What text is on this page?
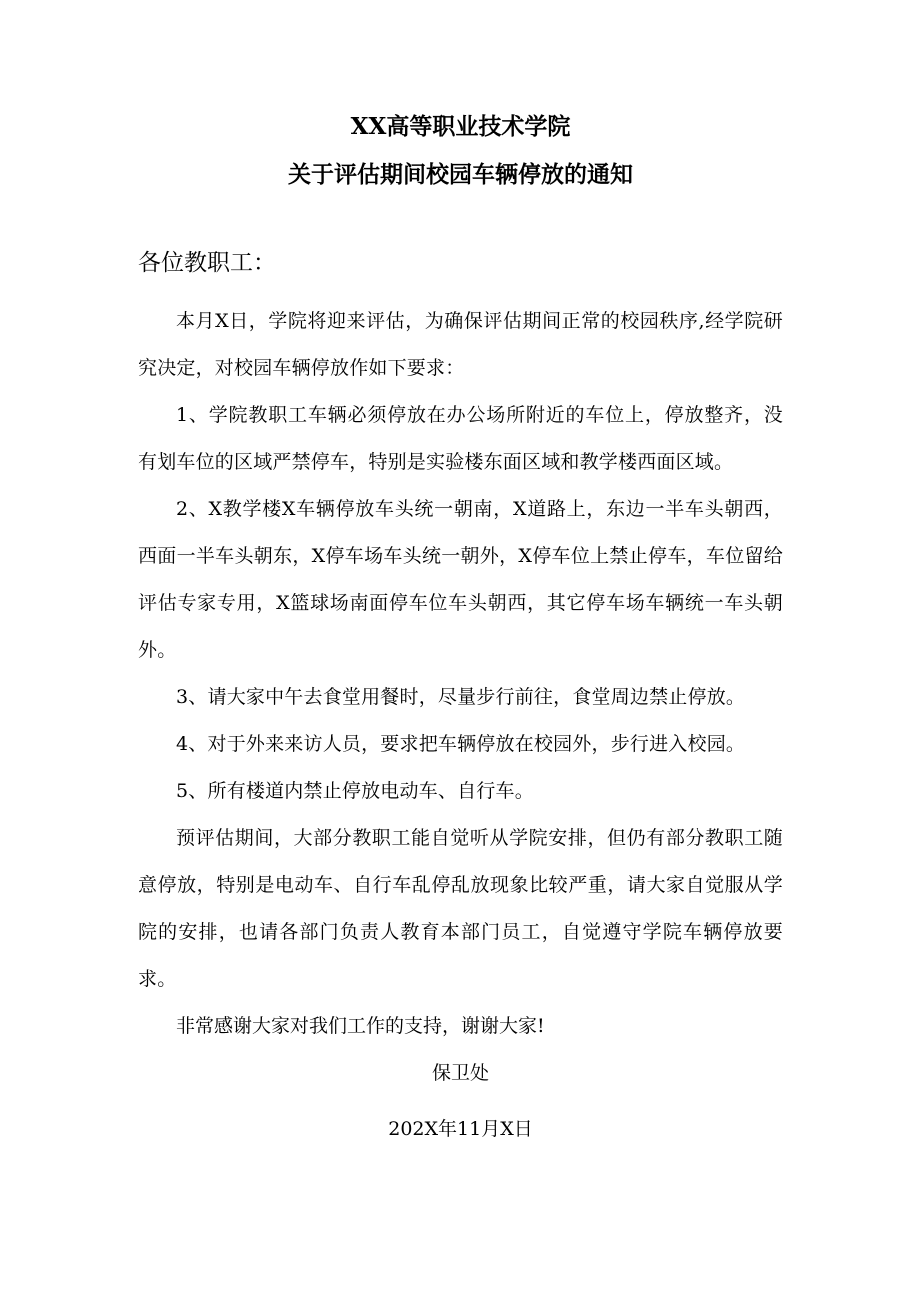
XX高等职业技术学院
关于评估期间校园车辆停放的通知

各位教职工：

本月X日，学院将迎来评估，为确保评估期间正常的校园秩序,经学院研究决定，对校园车辆停放作如下要求：

1、学院教职工车辆必须停放在办公场所附近的车位上，停放整齐，没有划车位的区域严禁停车，特别是实验楼东面区域和教学楼西面区域。

2、X教学楼X车辆停放车头统一朝南，X道路上，东边一半车头朝西，西面一半车头朝东，X停车场车头统一朝外，X停车位上禁止停车，车位留给评估专家专用，X篮球场南面停车位车头朝西，其它停车场车辆统一车头朝外。

3、请大家中午去食堂用餐时，尽量步行前往，食堂周边禁止停放。

4、对于外来来访人员，要求把车辆停放在校园外，步行进入校园。

5、所有楼道内禁止停放电动车、自行车。

预评估期间，大部分教职工能自觉听从学院安排，但仍有部分教职工随意停放，特别是电动车、自行车乱停乱放现象比较严重，请大家自觉服从学院的安排，也请各部门负责人教育本部门员工，自觉遵守学院车辆停放要求。

非常感谢大家对我们工作的支持，谢谢大家!

保卫处

202X年11月X日
